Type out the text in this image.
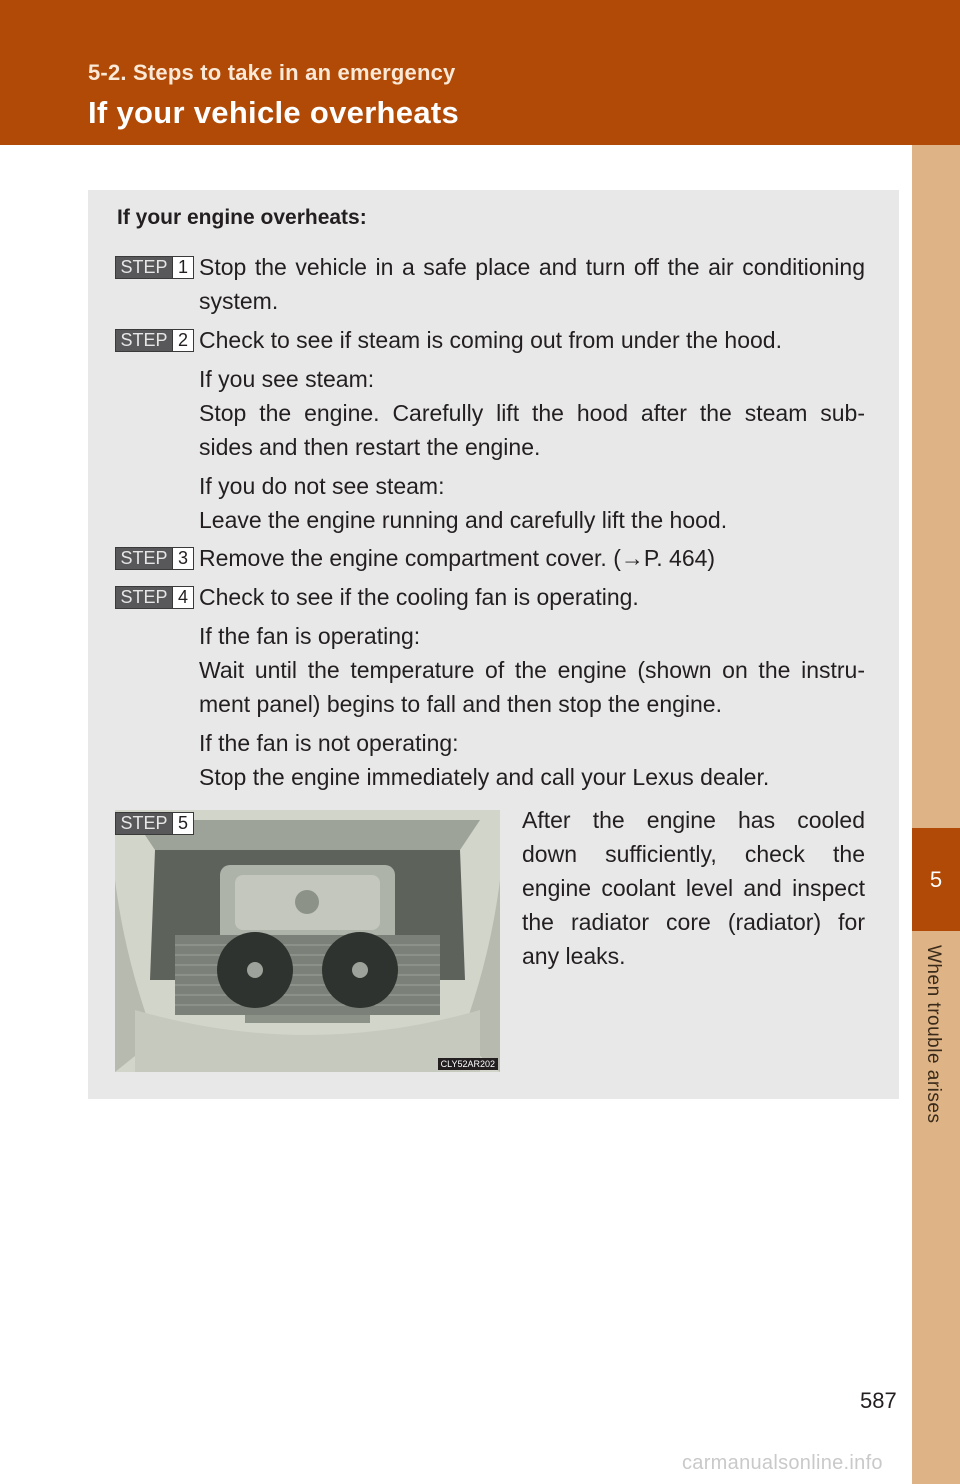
5-2. Steps to take in an emergency
If your vehicle overheats
5
When trouble arises
If your engine overheats:
STEP 1 Stop the vehicle in a safe place and turn off the air conditioning
system.
STEP 2 Check to see if steam is coming out from under the hood.
If you see steam:
Stop the engine. Carefully lift the hood after the steam sub-
sides and then restart the engine.
If you do not see steam:
Leave the engine running and carefully lift the hood.
STEP 3 Remove the engine compartment cover. (→P. 464)
STEP 4 Check to see if the cooling fan is operating.
If the fan is operating:
Wait until the temperature of the engine (shown on the instru-
ment panel) begins to fall and then stop the engine.
If the fan is not operating:
Stop the engine immediately and call your Lexus dealer.
CLY52AR202
STEP 5	After the engine has cooled
down sufficiently, check the
engine coolant level and inspect
the radiator core (radiator) for
any leaks.
587
carmanualsonline.info
